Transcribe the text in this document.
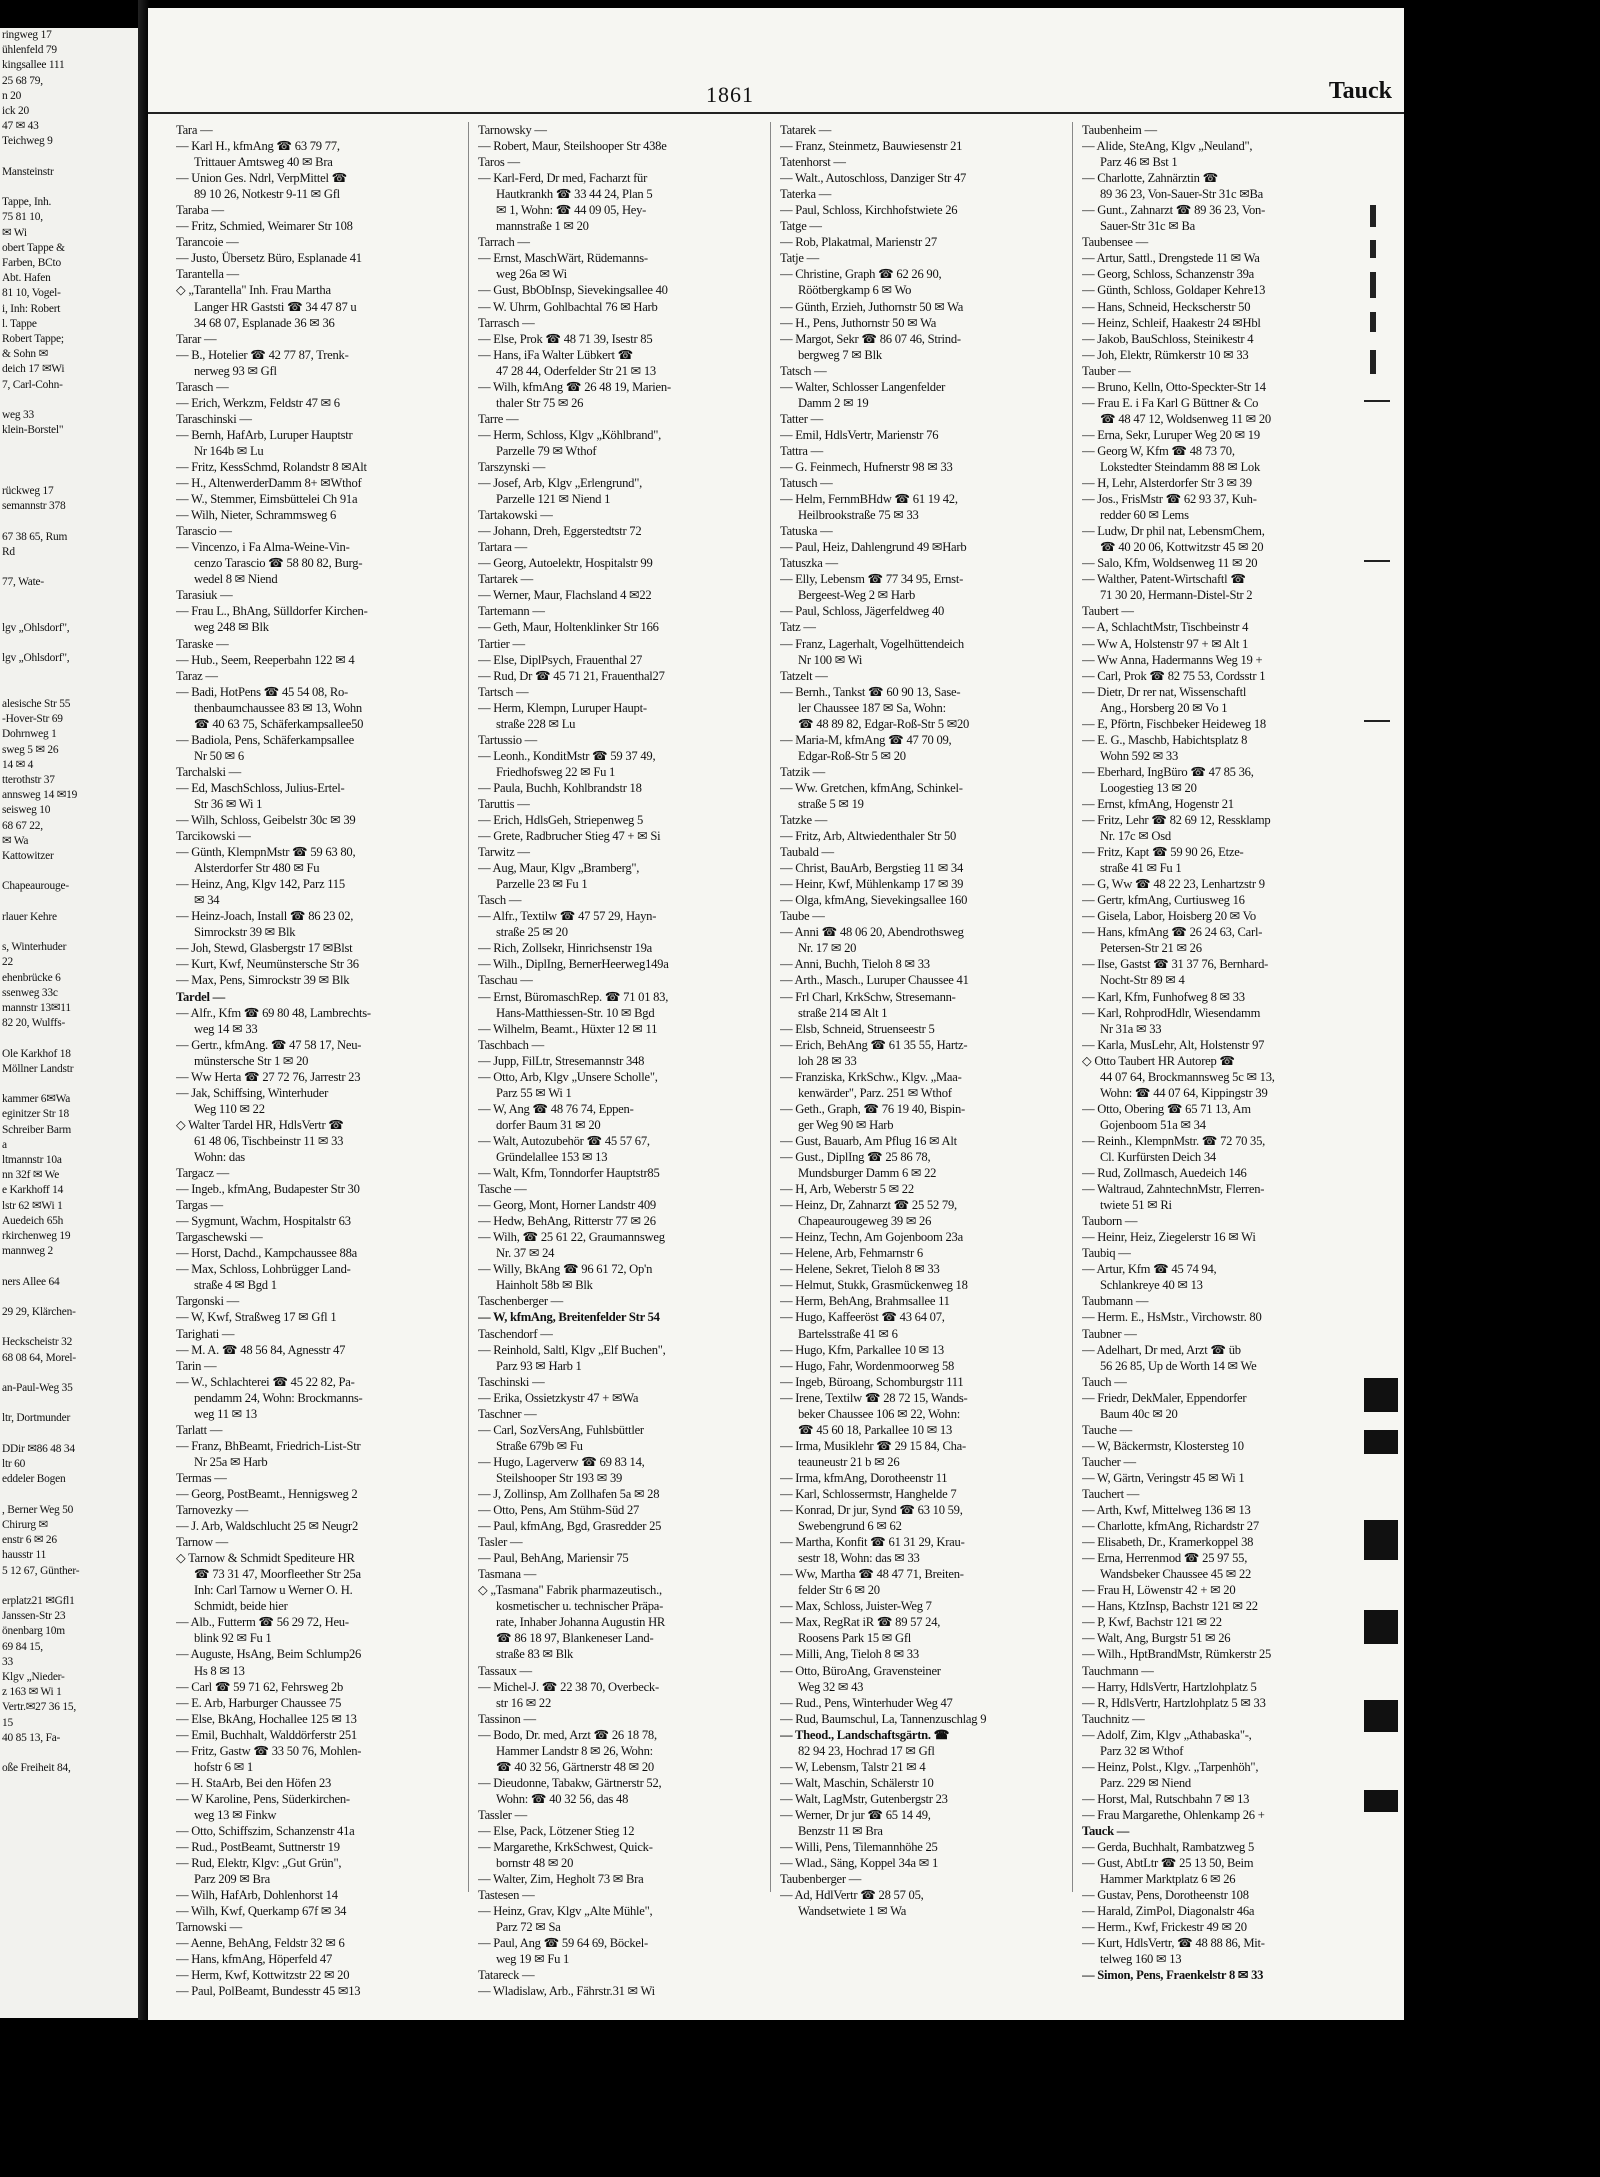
ringweg 17
ühlenfeld 79
kingsallee 111
25 68 79,
n 20
ick 20
47 ✉ 43
Teichweg 9

Mansteinstr

Tappe, Inh.
75 81 10,
✉ Wi
obert Tappe &
Farben, BCto
Abt. Hafen
81 10, Vogel-
i, Inh: Robert
l. Tappe
Robert Tappe;
& Sohn ✉
deich 17 ✉Wi
7, Carl-Cohn-

weg 33
klein-Borstel"

rückweg 17
semannstr 378

67 38 65, Rum
Rd

77, Wate-

lgv „Ohlsdorf",

lgv „Ohlsdorf",

alesische Str 55
-Hover-Str 69
Dohrnweg 1
sweg 5 ✉ 26
14 ✉ 4
tterothstr 37
annsweg 14 ✉19
seisweg 10
68 67 22,
✉ Wa
Kattowitzer

Chapeaurouge-

rlauer Kehre

s, Winterhuder
22
ehenbrücke 6
ssenweg 33c
mannstr 13✉11
82 20, Wulffs-

Ole Karkhof 18
Möllner Landstr

kammer 6✉Wa
eginitzer Str 18
Schreiber Barm
a
ltmannstr 10a
nn 32f ✉ We
e Karkhoff 14
lstr 62 ✉Wi 1
Auedeich 65h
rkirchenweg 19
mannweg 2

ners Allee 64

29 29, Klärchen-

Heckscheistr 32
68 08 64, Morel-

an-Paul-Weg 35

ltr, Dortmunder

DDir ✉86 48 34
ltr 60
eddeler Bogen

, Berner Weg 50
Chirurg ✉
enstr 6 ✉ 26
hausstr 11
5 12 67, Günther-

erplatz21 ✉Gfl1
Janssen-Str 23
önenbarg 10m
69 84 15,
33
Klgv „Nieder-
z 163 ✉ Wi 1
Vertr.✉27 36 15,
15
40 85 13, Fa-

oße Freiheit 84,
1861	Tauck
Tara —
— Karl H., kfmAng ☎ 63 79 77,
Trittauer Amtsweg 40 ✉ Bra
— Union Ges. Ndrl, VerpMittel ☎
89 10 26, Notkestr 9-11 ✉ Gfl
Taraba —
— Fritz, Schmied, Weimarer Str 108
Tarancoie —
— Justo, Übersetz Büro, Esplanade 41
Tarantella —
◇ „Tarantella" Inh. Frau Martha
Langer HR Gaststi ☎ 34 47 87 u
34 68 07, Esplanade 36 ✉ 36
Tarar —
— B., Hotelier ☎ 42 77 87, Trenk-
nerweg 93 ✉ Gfl
Tarasch —
— Erich, Werkzm, Feldstr 47 ✉ 6
Taraschinski —
— Bernh, HafArb, Luruper Hauptstr
Nr 164b ✉ Lu
— Fritz, KessSchmd, Rolandstr 8 ✉Alt
— H., AltenwerderDamm 8+ ✉Wthof
— W., Stemmer, Eimsbüttelei Ch 91a
— Wilh, Nieter, Schrammsweg 6
Tarascio —
— Vincenzo, i Fa Alma-Weine-Vin-
cenzo Tarascio ☎ 58 80 82, Burg-
wedel 8 ✉ Niend
Tarasiuk —
— Frau L., BhAng, Sülldorfer Kirchen-
weg 248 ✉ Blk
Taraske —
— Hub., Seem, Reeperbahn 122 ✉ 4
Taraz —
— Badi, HotPens ☎ 45 54 08, Ro-
thenbaumchaussee 83 ✉ 13, Wohn
☎ 40 63 75, Schäferkampsallee50
— Badiola, Pens, Schäferkampsallee
Nr 50 ✉ 6
Tarchalski —
— Ed, MaschSchloss, Julius-Ertel-
Str 36 ✉ Wi 1
— Wilh, Schloss, Geibelstr 30c ✉ 39
Tarcikowski —
— Günth, KlempnMstr ☎ 59 63 80,
Alsterdorfer Str 480 ✉ Fu
— Heinz, Ang, Klgv 142, Parz 115
✉ 34
— Heinz-Joach, Install ☎ 86 23 02,
Simrockstr 39 ✉ Blk
— Joh, Stewd, Glasbergstr 17 ✉Blst
— Kurt, Kwf, Neumünstersche Str 36
— Max, Pens, Simrockstr 39 ✉ Blk
Tardel —
— Alfr., Kfm ☎ 69 80 48, Lambrechts-
weg 14 ✉ 33
— Gertr., kfmAng. ☎ 47 58 17, Neu-
münstersche Str 1 ✉ 20
— Ww Herta ☎ 27 72 76, Jarrestr 23
— Jak, Schiffsing, Winterhuder
Weg 110 ✉ 22
◇ Walter Tardel HR, HdlsVertr ☎
61 48 06, Tischbeinstr 11 ✉ 33
Wohn: das
Targacz —
— Ingeb., kfmAng, Budapester Str 30
Targas —
— Sygmunt, Wachm, Hospitalstr 63
Targaschewski —
— Horst, Dachd., Kampchaussee 88a
— Max, Schloss, Lohbrügger Land-
straße 4 ✉ Bgd 1
Targonski —
— W, Kwf, Straßweg 17 ✉ Gfl 1
Tarighati —
— M. A. ☎ 48 56 84, Agnesstr 47
Tarin —
— W., Schlachterei ☎ 45 22 82, Pa-
pendamm 24, Wohn: Brockmanns-
weg 11 ✉ 13
Tarlatt —
— Franz, BhBeamt, Friedrich-List-Str
Nr 25a ✉ Harb
Termas —
— Georg, PostBeamt., Hennigsweg 2
Tarnovezky —
— J. Arb, Waldschlucht 25 ✉ Neugr2
Tarnow —
◇ Tarnow & Schmidt Spediteure HR
☎ 73 31 47, Moorfleether Str 25a
Inh: Carl Tarnow u Werner O. H.
Schmidt, beide hier
— Alb., Futterm ☎ 56 29 72, Heu-
blink 92 ✉ Fu 1
— Auguste, HsAng, Beim Schlump26
Hs 8 ✉ 13
— Carl ☎ 59 71 62, Fehrsweg 2b
— E. Arb, Harburger Chaussee 75
— Else, BkAng, Hochallee 125 ✉ 13
— Emil, Buchhalt, Walddörferstr 251
— Fritz, Gastw ☎ 33 50 76, Mohlen-
hofstr 6 ✉ 1
— H. StaArb, Bei den Höfen 23
— W Karoline, Pens, Süderkirchen-
weg 13 ✉ Finkw
— Otto, Schiffszim, Schanzenstr 41a
— Rud., PostBeamt, Suttnerstr 19
— Rud, Elektr, Klgv: „Gut Grün",
Parz 209 ✉ Bra
— Wilh, HafArb, Dohlenhorst 14
— Wilh, Kwf, Querkamp 67f ✉ 34
Tarnowski —
— Aenne, BehAng, Feldstr 32 ✉ 6
— Hans, kfmAng, Höperfeld 47
— Herm, Kwf, Kottwitzstr 22 ✉ 20
— Paul, PolBeamt, Bundesstr 45 ✉13
Tarnowsky —
— Robert, Maur, Steilshooper Str 438e
Taros —
— Karl-Ferd, Dr med, Facharzt für
Hautkrankh ☎ 33 44 24, Plan 5
✉ 1, Wohn: ☎ 44 09 05, Hey-
mannstraße 1 ✉ 20
Tarrach —
— Ernst, MaschWärt, Rüdemanns-
weg 26a ✉ Wi
— Gust, BbObInsp, Sievekingsallee 40
— W. Uhrm, Gohlbachtal 76 ✉ Harb
Tarrasch —
— Else, Prok ☎ 48 71 39, Isestr 85
— Hans, iFa Walter Lübkert ☎
47 28 44, Oderfelder Str 21 ✉ 13
— Wilh, kfmAng ☎ 26 48 19, Marien-
thaler Str 75 ✉ 26
Tarre —
— Herm, Schloss, Klgv „Köhlbrand",
Parzelle 79 ✉ Wthof
Tarszynski —
— Josef, Arb, Klgv „Erlengrund",
Parzelle 121 ✉ Niend 1
Tartakowski —
— Johann, Dreh, Eggerstedtstr 72
Tartara —
— Georg, Autoelektr, Hospitalstr 99
Tartarek —
— Werner, Maur, Flachsland 4 ✉22
Tartemann —
— Geth, Maur, Holtenklinker Str 166
Tartier —
— Else, DiplPsych, Frauenthal 27
— Rud, Dr ☎ 45 71 21, Frauenthal27
Tartsch —
— Herm, Klempn, Luruper Haupt-
straße 228 ✉ Lu
Tartussio —
— Leonh., KonditMstr ☎ 59 37 49,
Friedhofsweg 22 ✉ Fu 1
— Paula, Buchh, Kohlbrandstr 18
Taruttis —
— Erich, HdlsGeh, Striepenweg 5
— Grete, Radbrucher Stieg 47 + ✉ Si
Tarwitz —
— Aug, Maur, Klgv „Bramberg",
Parzelle 23 ✉ Fu 1
Tasch —
— Alfr., Textilw ☎ 47 57 29, Hayn-
straße 25 ✉ 20
— Rich, Zollsekr, Hinrichsenstr 19a
— Wilh., DiplIng, BernerHeerweg149a
Taschau —
— Ernst, BüromaschRep. ☎ 71 01 83,
Hans-Matthiessen-Str. 10 ✉ Bgd
— Wilhelm, Beamt., Hüxter 12 ✉ 11
Taschbach —
— Jupp, FilLtr, Stresemannstr 348
— Otto, Arb, Klgv „Unsere Scholle",
Parz 55 ✉ Wi 1
— W, Ang ☎ 48 76 74, Eppen-
dorfer Baum 31 ✉ 20
— Walt, Autozubehör ☎ 45 57 67,
Gründelallee 153 ✉ 13
— Walt, Kfm, Tonndorfer Hauptstr85
Tasche —
— Georg, Mont, Horner Landstr 409
— Hedw, BehAng, Ritterstr 77 ✉ 26
— Wilh, ☎ 25 61 22, Graumannsweg
Nr. 37 ✉ 24
— Willy, BkAng ☎ 96 61 72, Op'n
Hainholt 58b ✉ Blk
Taschenberger —
— W, kfmAng, Breitenfelder Str 54
Taschendorf —
— Reinhold, Saltl, Klgv „Elf Buchen",
Parz 93 ✉ Harb 1
Taschinski —
— Erika, Ossietzkystr 47 + ✉Wa
Taschner —
— Carl, SozVersAng, Fuhlsbüttler
Straße 679b ✉ Fu
— Hugo, Lagerverw ☎ 69 83 14,
Steilshooper Str 193 ✉ 39
— J, Zollinsp, Am Zollhafen 5a ✉ 28
— Otto, Pens, Am Stühm-Süd 27
— Paul, kfmAng, Bgd, Grasredder 25
Tasler —
— Paul, BehAng, Mariensir 75
Tasmana —
◇ „Tasmana" Fabrik pharmazeutisch.,
kosmetischer u. technischer Präpa-
rate, Inhaber Johanna Augustin HR
☎ 86 18 97, Blankeneser Land-
straße 83 ✉ Blk
Tassaux —
— Michel-J. ☎ 22 38 70, Overbeck-
str 16 ✉ 22
Tassinon —
— Bodo, Dr. med, Arzt ☎ 26 18 78,
Hammer Landstr 8 ✉ 26, Wohn:
☎ 40 32 56, Gärtnerstr 48 ✉ 20
— Dieudonne, Tabakw, Gärtnerstr 52,
Wohn: ☎ 40 32 56, das 48
Tassler —
— Else, Pack, Lötzener Stieg 12
— Margarethe, KrkSchwest, Quick-
bornstr 48 ✉ 20
— Walter, Zim, Hegholt 73 ✉ Bra
Tastesen —
— Heinz, Grav, Klgv „Alte Mühle",
Parz 72 ✉ Sa
— Paul, Ang ☎ 59 64 69, Böckel-
weg 19 ✉ Fu 1
Tatareck —
— Wladislaw, Arb., Fährstr.31 ✉ Wi
Tatarek —
— Franz, Steinmetz, Bauwiesenstr 21
Tatenhorst —
— Walt., Autoschloss, Danziger Str 47
Taterka —
— Paul, Schloss, Kirchhofstwiete 26
Tatge —
— Rob, Plakatmal, Marienstr 27
Tatje —
— Christine, Graph ☎ 62 26 90,
Röötbergkamp 6 ✉ Wo
— Günth, Erzieh, Juthornstr 50 ✉ Wa
— H., Pens, Juthornstr 50 ✉ Wa
— Margot, Sekr ☎ 86 07 46, Strind-
bergweg 7 ✉ Blk
Tatsch —
— Walter, Schlosser Langenfelder
Damm 2 ✉ 19
Tatter —
— Emil, HdlsVertr, Marienstr 76
Tattra —
— G. Feinmech, Hufnerstr 98 ✉ 33
Tatusch —
— Helm, FernmBHdw ☎ 61 19 42,
Heilbrookstraße 75 ✉ 33
Tatuska —
— Paul, Heiz, Dahlengrund 49 ✉Harb
Tatuszka —
— Elly, Lebensm ☎ 77 34 95, Ernst-
Bergeest-Weg 2 ✉ Harb
— Paul, Schloss, Jägerfeldweg 40
Tatz —
— Franz, Lagerhalt, Vogelhüttendeich
Nr 100 ✉ Wi
Tatzelt —
— Bernh., Tankst ☎ 60 90 13, Sase-
ler Chaussee 187 ✉ Sa, Wohn:
☎ 48 89 82, Edgar-Roß-Str 5 ✉20
— Maria-M, kfmAng ☎ 47 70 09,
Edgar-Roß-Str 5 ✉ 20
Tatzik —
— Ww. Gretchen, kfmAng, Schinkel-
straße 5 ✉ 19
Tatzke —
— Fritz, Arb, Altwiedenthaler Str 50
Taubald —
— Christ, BauArb, Bergstieg 11 ✉ 34
— Heinr, Kwf, Mühlenkamp 17 ✉ 39
— Olga, kfmAng, Sievekingsallee 160
Taube —
— Anni ☎ 48 06 20, Abendrothsweg
Nr. 17 ✉ 20
— Anni, Buchh, Tieloh 8 ✉ 33
— Arth., Masch., Luruper Chaussee 41
— Frl Charl, KrkSchw, Stresemann-
straße 214 ✉ Alt 1
— Elsb, Schneid, Struenseestr 5
— Erich, BehAng ☎ 61 35 55, Hartz-
loh 28 ✉ 33
— Franziska, KrkSchw., Klgv. „Maa-
kenwärder", Parz. 251 ✉ Wthof
— Geth., Graph, ☎ 76 19 40, Bispin-
ger Weg 90 ✉ Harb
— Gust, Bauarb, Am Pflug 16 ✉ Alt
— Gust., DiplIng ☎ 25 86 78,
Mundsburger Damm 6 ✉ 22
— H, Arb, Weberstr 5 ✉ 22
— Heinz, Dr, Zahnarzt ☎ 25 52 79,
Chapeaurougeweg 39 ✉ 26
— Heinz, Techn, Am Gojenboom 23a
— Helene, Arb, Fehmarnstr 6
— Helene, Sekret, Tieloh 8 ✉ 33
— Helmut, Stukk, Grasmückenweg 18
— Herm, BehAng, Brahmsallee 11
— Hugo, Kaffeeröst ☎ 43 64 07,
Bartelsstraße 41 ✉ 6
— Hugo, Kfm, Parkallee 10 ✉ 13
— Hugo, Fahr, Wordenmoorweg 58
— Ingeb, Büroang, Schomburgstr 111
— Irene, Textilw ☎ 28 72 15, Wands-
beker Chaussee 106 ✉ 22, Wohn:
☎ 45 60 18, Parkallee 10 ✉ 13
— Irma, Musiklehr ☎ 29 15 84, Cha-
teauneustr 21 b ✉ 26
— Irma, kfmAng, Dorotheenstr 11
— Karl, Schlossermstr, Hanghelde 7
— Konrad, Dr jur, Synd ☎ 63 10 59,
Swebengrund 6 ✉ 62
— Martha, Konfit ☎ 61 31 29, Krau-
sestr 18, Wohn: das ✉ 33
— Ww, Martha ☎ 48 47 71, Breiten-
felder Str 6 ✉ 20
— Max, Schloss, Juister-Weg 7
— Max, RegRat iR ☎ 89 57 24,
Roosens Park 15 ✉ Gfl
— Milli, Ang, Tieloh 8 ✉ 33
— Otto, BüroAng, Gravensteiner
Weg 32 ✉ 43
— Rud., Pens, Winterhuder Weg 47
— Rud, Baumschul, La, Tannenzuschlag 9
— Theod., Landschaftsgärtn. ☎
82 94 23, Hochrad 17 ✉ Gfl
— W, Lebensm, Talstr 21 ✉ 4
— Walt, Maschin, Schälerstr 10
— Walt, LagMstr, Gutenbergstr 23
— Werner, Dr jur ☎ 65 14 49,
Benzstr 11 ✉ Bra
— Willi, Pens, Tilemannhöhe 25
— Wlad., Säng, Koppel 34a ✉ 1
Taubenberger —
— Ad, HdlVertr ☎ 28 57 05,
Wandsetwiete 1 ✉ Wa
Taubenheim —
— Alide, SteAng, Klgv „Neuland",
Parz 46 ✉ Bst 1
— Charlotte, Zahnärztin ☎
89 36 23, Von-Sauer-Str 31c ✉Ba
— Gunt., Zahnarzt ☎ 89 36 23, Von-
Sauer-Str 31c ✉ Ba
Taubensee —
— Artur, Sattl., Drengstede 11 ✉ Wa
— Georg, Schloss, Schanzenstr 39a
— Günth, Schloss, Goldaper Kehre13
— Hans, Schneid, Heckscherstr 50
— Heinz, Schleif, Haakestr 24 ✉Hbl
— Jakob, BauSchloss, Steinikestr 4
— Joh, Elektr, Rümkerstr 10 ✉ 33
Tauber —
— Bruno, Kelln, Otto-Speckter-Str 14
— Frau E. i Fa Karl G Büttner & Co
☎ 48 47 12, Woldsenweg 11 ✉ 20
— Erna, Sekr, Luruper Weg 20 ✉ 19
— Georg W, Kfm ☎ 48 73 70,
Lokstedter Steindamm 88 ✉ Lok
— H, Lehr, Alsterdorfer Str 3 ✉ 39
— Jos., FrisMstr ☎ 62 93 37, Kuh-
redder 60 ✉ Lems
— Ludw, Dr phil nat, LebensmChem,
☎ 40 20 06, Kottwitzstr 45 ✉ 20
— Salo, Kfm, Woldsenweg 11 ✉ 20
— Walther, Patent-Wirtschaftl ☎
71 30 20, Hermann-Distel-Str 2
Taubert —
— A, SchlachtMstr, Tischbeinstr 4
— Ww A, Holstenstr 97 + ✉ Alt 1
— Ww Anna, Hadermanns Weg 19 +
— Carl, Prok ☎ 82 75 53, Cordsstr 1
— Dietr, Dr rer nat, Wissenschaftl
Ang., Horsberg 20 ✉ Vo 1
— E, Pförtn, Fischbeker Heideweg 18
— E. G., Maschb, Habichtsplatz 8
Wohn 592 ✉ 33
— Eberhard, IngBüro ☎ 47 85 36,
Loogestieg 13 ✉ 20
— Ernst, kfmAng, Hogenstr 21
— Fritz, Lehr ☎ 82 69 12, Ressklamp
Nr. 17c ✉ Osd
— Fritz, Kapt ☎ 59 90 26, Etze-
straße 41 ✉ Fu 1
— G, Ww ☎ 48 22 23, Lenhartzstr 9
— Gertr, kfmAng, Curtiusweg 16
— Gisela, Labor, Hoisberg 20 ✉ Vo
— Hans, kfmAng ☎ 26 24 63, Carl-
Petersen-Str 21 ✉ 26
— Ilse, Gastst ☎ 31 37 76, Bernhard-
Nocht-Str 89 ✉ 4
— Karl, Kfm, Funhofweg 8 ✉ 33
— Karl, RohprodHdlr, Wiesendamm
Nr 31a ✉ 33
— Karla, MusLehr, Alt, Holstenstr 97
◇ Otto Taubert HR Autorep ☎
44 07 64, Brockmannsweg 5c ✉ 13,
Wohn: ☎ 44 07 64, Kippingstr 39
— Otto, Obering ☎ 65 71 13, Am
Gojenboom 51a ✉ 34
— Reinh., KlempnMstr. ☎ 72 70 35,
Cl. Kurfürsten Deich 34
— Rud, Zollmasch, Auedeich 146
— Waltraud, ZahntechnMstr, Flerren-
twiete 51 ✉ Ri
Tauborn —
— Heinr, Heiz, Ziegelerstr 16 ✉ Wi
Taubiq —
— Artur, Kfm ☎ 45 74 94,
Schlankreye 40 ✉ 13
Taubmann —
— Herm. E., HsMstr., Virchowstr. 80
Taubner —
— Adelhart, Dr med, Arzt ☎ üb
56 26 85, Up de Worth 14 ✉ We
Tauch —
— Friedr, DekMaler, Eppendorfer
Baum 40c ✉ 20
Tauche —
— W, Bäckermstr, Klostersteg 10
Taucher —
— W, Gärtn, Veringstr 45 ✉ Wi 1
Tauchert —
— Arth, Kwf, Mittelweg 136 ✉ 13
— Charlotte, kfmAng, Richardstr 27
— Elisabeth, Dr., Kramerkoppel 38
— Erna, Herrenmod ☎ 25 97 55,
Wandsbeker Chaussee 45 ✉ 22
— Frau H, Löwenstr 42 + ✉ 20
— Hans, KtzInsp, Bachstr 121 ✉ 22
— P, Kwf, Bachstr 121 ✉ 22
— Walt, Ang, Burgstr 51 ✉ 26
— Wilh., HptBrandMstr, Rümkerstr 25
Tauchmann —
— Harry, HdlsVertr, Hartzlohplatz 5
— R, HdlsVertr, Hartzlohplatz 5 ✉ 33
Tauchnitz —
— Adolf, Zim, Klgv „Athabaska"-,
Parz 32 ✉ Wthof
— Heinz, Polst., Klgv. „Tarpenhöh",
Parz. 229 ✉ Niend
— Horst, Mal, Rutschbahn 7 ✉ 13
— Frau Margarethe, Ohlenkamp 26 +
Tauck —
— Gerda, Buchhalt, Rambatzweg 5
— Gust, AbtLtr ☎ 25 13 50, Beim
Hammer Marktplatz 6 ✉ 26
— Gustav, Pens, Dorotheenstr 108
— Harald, ZimPol, Diagonalstr 46a
— Herm., Kwf, Frickestr 49 ✉ 20
— Kurt, HdlsVertr, ☎ 48 88 86, Mit-
telweg 160 ✉ 13
— Simon, Pens, Fraenkelstr 8 ✉ 33
